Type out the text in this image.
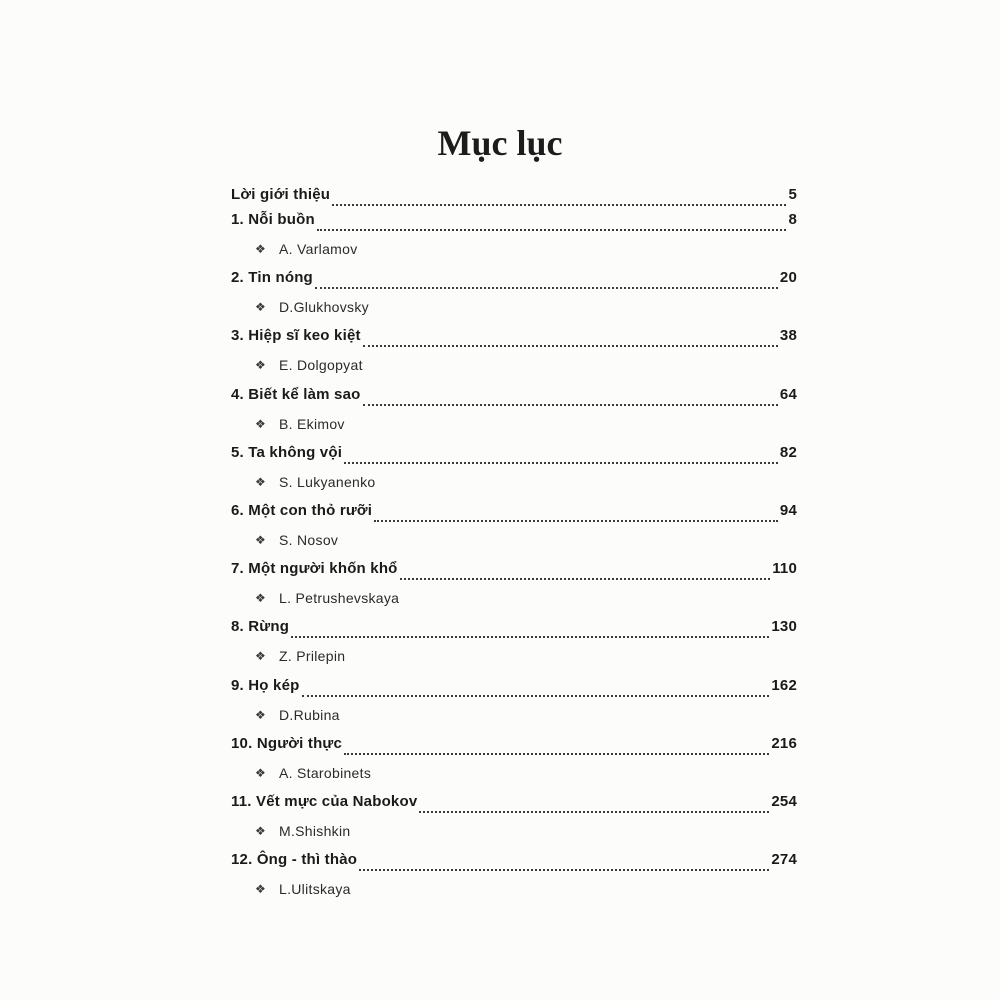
Mục lục
Lời giới thiệu	5
1. Nỗi buồn	8
❖ A. Varlamov
2. Tin nóng	20
❖ D.Glukhovsky
3. Hiệp sĩ keo kiệt	38
❖ E. Dolgopyat
4. Biết kể làm sao	64
❖ B. Ekimov
5. Ta không vội	82
❖ S. Lukyanenko
6. Một con thỏ rưỡi	94
❖ S. Nosov
7. Một người khốn khổ	110
❖ L. Petrushevskaya
8. Rừng	130
❖ Z. Prilepin
9. Họ kép	162
❖ D.Rubina
10. Người thực	216
❖ A. Starobinets
11. Vết mực của Nabokov	254
❖ M.Shishkin
12. Ông - thì thào	274
❖ L.Ulitskaya
